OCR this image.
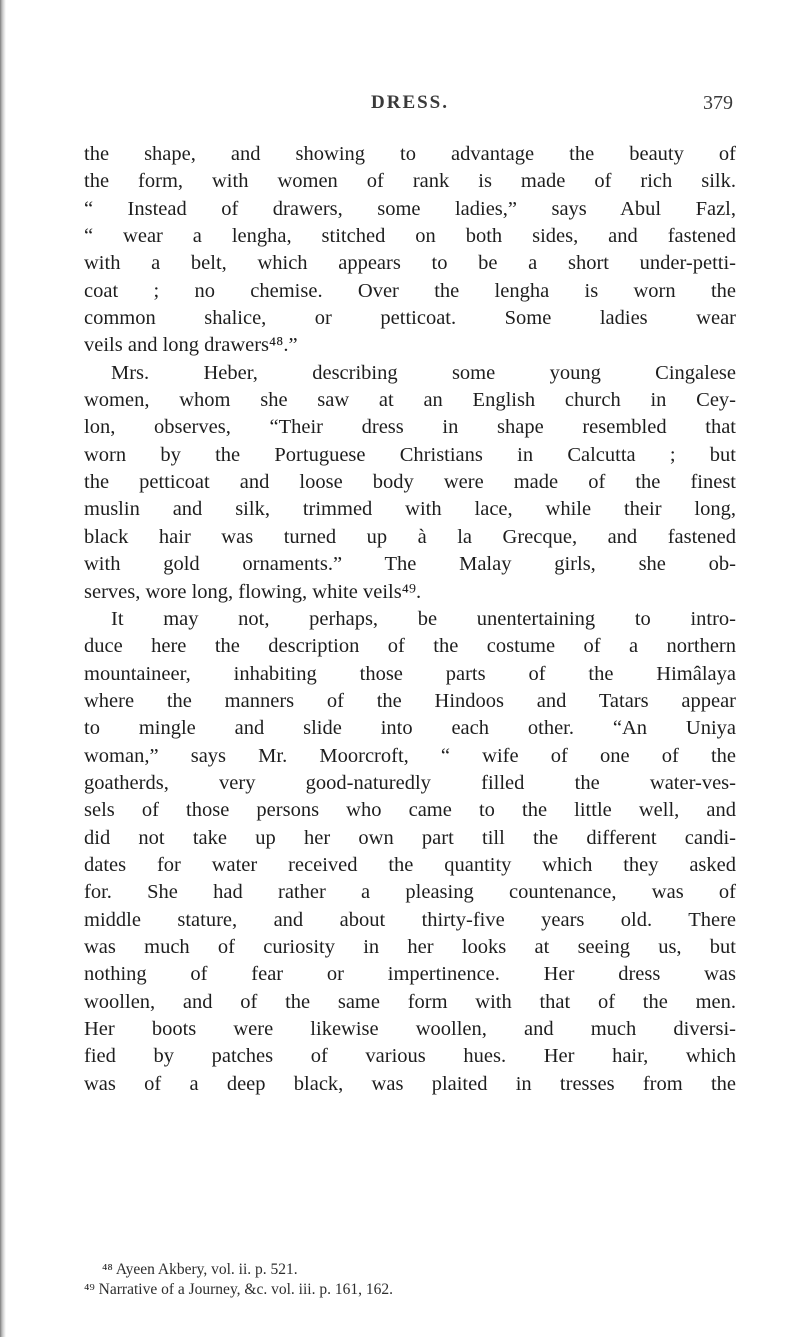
DRESS.	379
the shape, and showing to advantage the beauty of
the form, with women of rank is made of rich silk.
“ Instead of drawers, some ladies,” says Abul Fazl,
“ wear a lengha, stitched on both sides, and fastened
with a belt, which appears to be a short under-petti-
coat ; no chemise. Over the lengha is worn the
common shalice, or petticoat. Some ladies wear
veils and long drawers⁴⁸.”
Mrs. Heber, describing some young Cingalese
women, whom she saw at an English church in Cey-
lon, observes, “Their dress in shape resembled that
worn by the Portuguese Christians in Calcutta ; but
the petticoat and loose body were made of the finest
muslin and silk, trimmed with lace, while their long,
black hair was turned up à la Grecque, and fastened
with gold ornaments.” The Malay girls, she ob-
serves, wore long, flowing, white veils⁴⁹.
It may not, perhaps, be unentertaining to intro-
duce here the description of the costume of a northern
mountaineer, inhabiting those parts of the Himâlaya
where the manners of the Hindoos and Tatars appear
to mingle and slide into each other. “An Uniya
woman,” says Mr. Moorcroft, “ wife of one of the
goatherds, very good-naturedly filled the water-ves-
sels of those persons who came to the little well, and
did not take up her own part till the different candi-
dates for water received the quantity which they asked
for. She had rather a pleasing countenance, was of
middle stature, and about thirty-five years old. There
was much of curiosity in her looks at seeing us, but
nothing of fear or impertinence. Her dress was
woollen, and of the same form with that of the men.
Her boots were likewise woollen, and much diversi-
fied by patches of various hues. Her hair, which
was of a deep black, was plaited in tresses from the
⁴⁸ Ayeen Akbery, vol. ii. p. 521.
⁴⁹ Narrative of a Journey, &c. vol. iii. p. 161, 162.
